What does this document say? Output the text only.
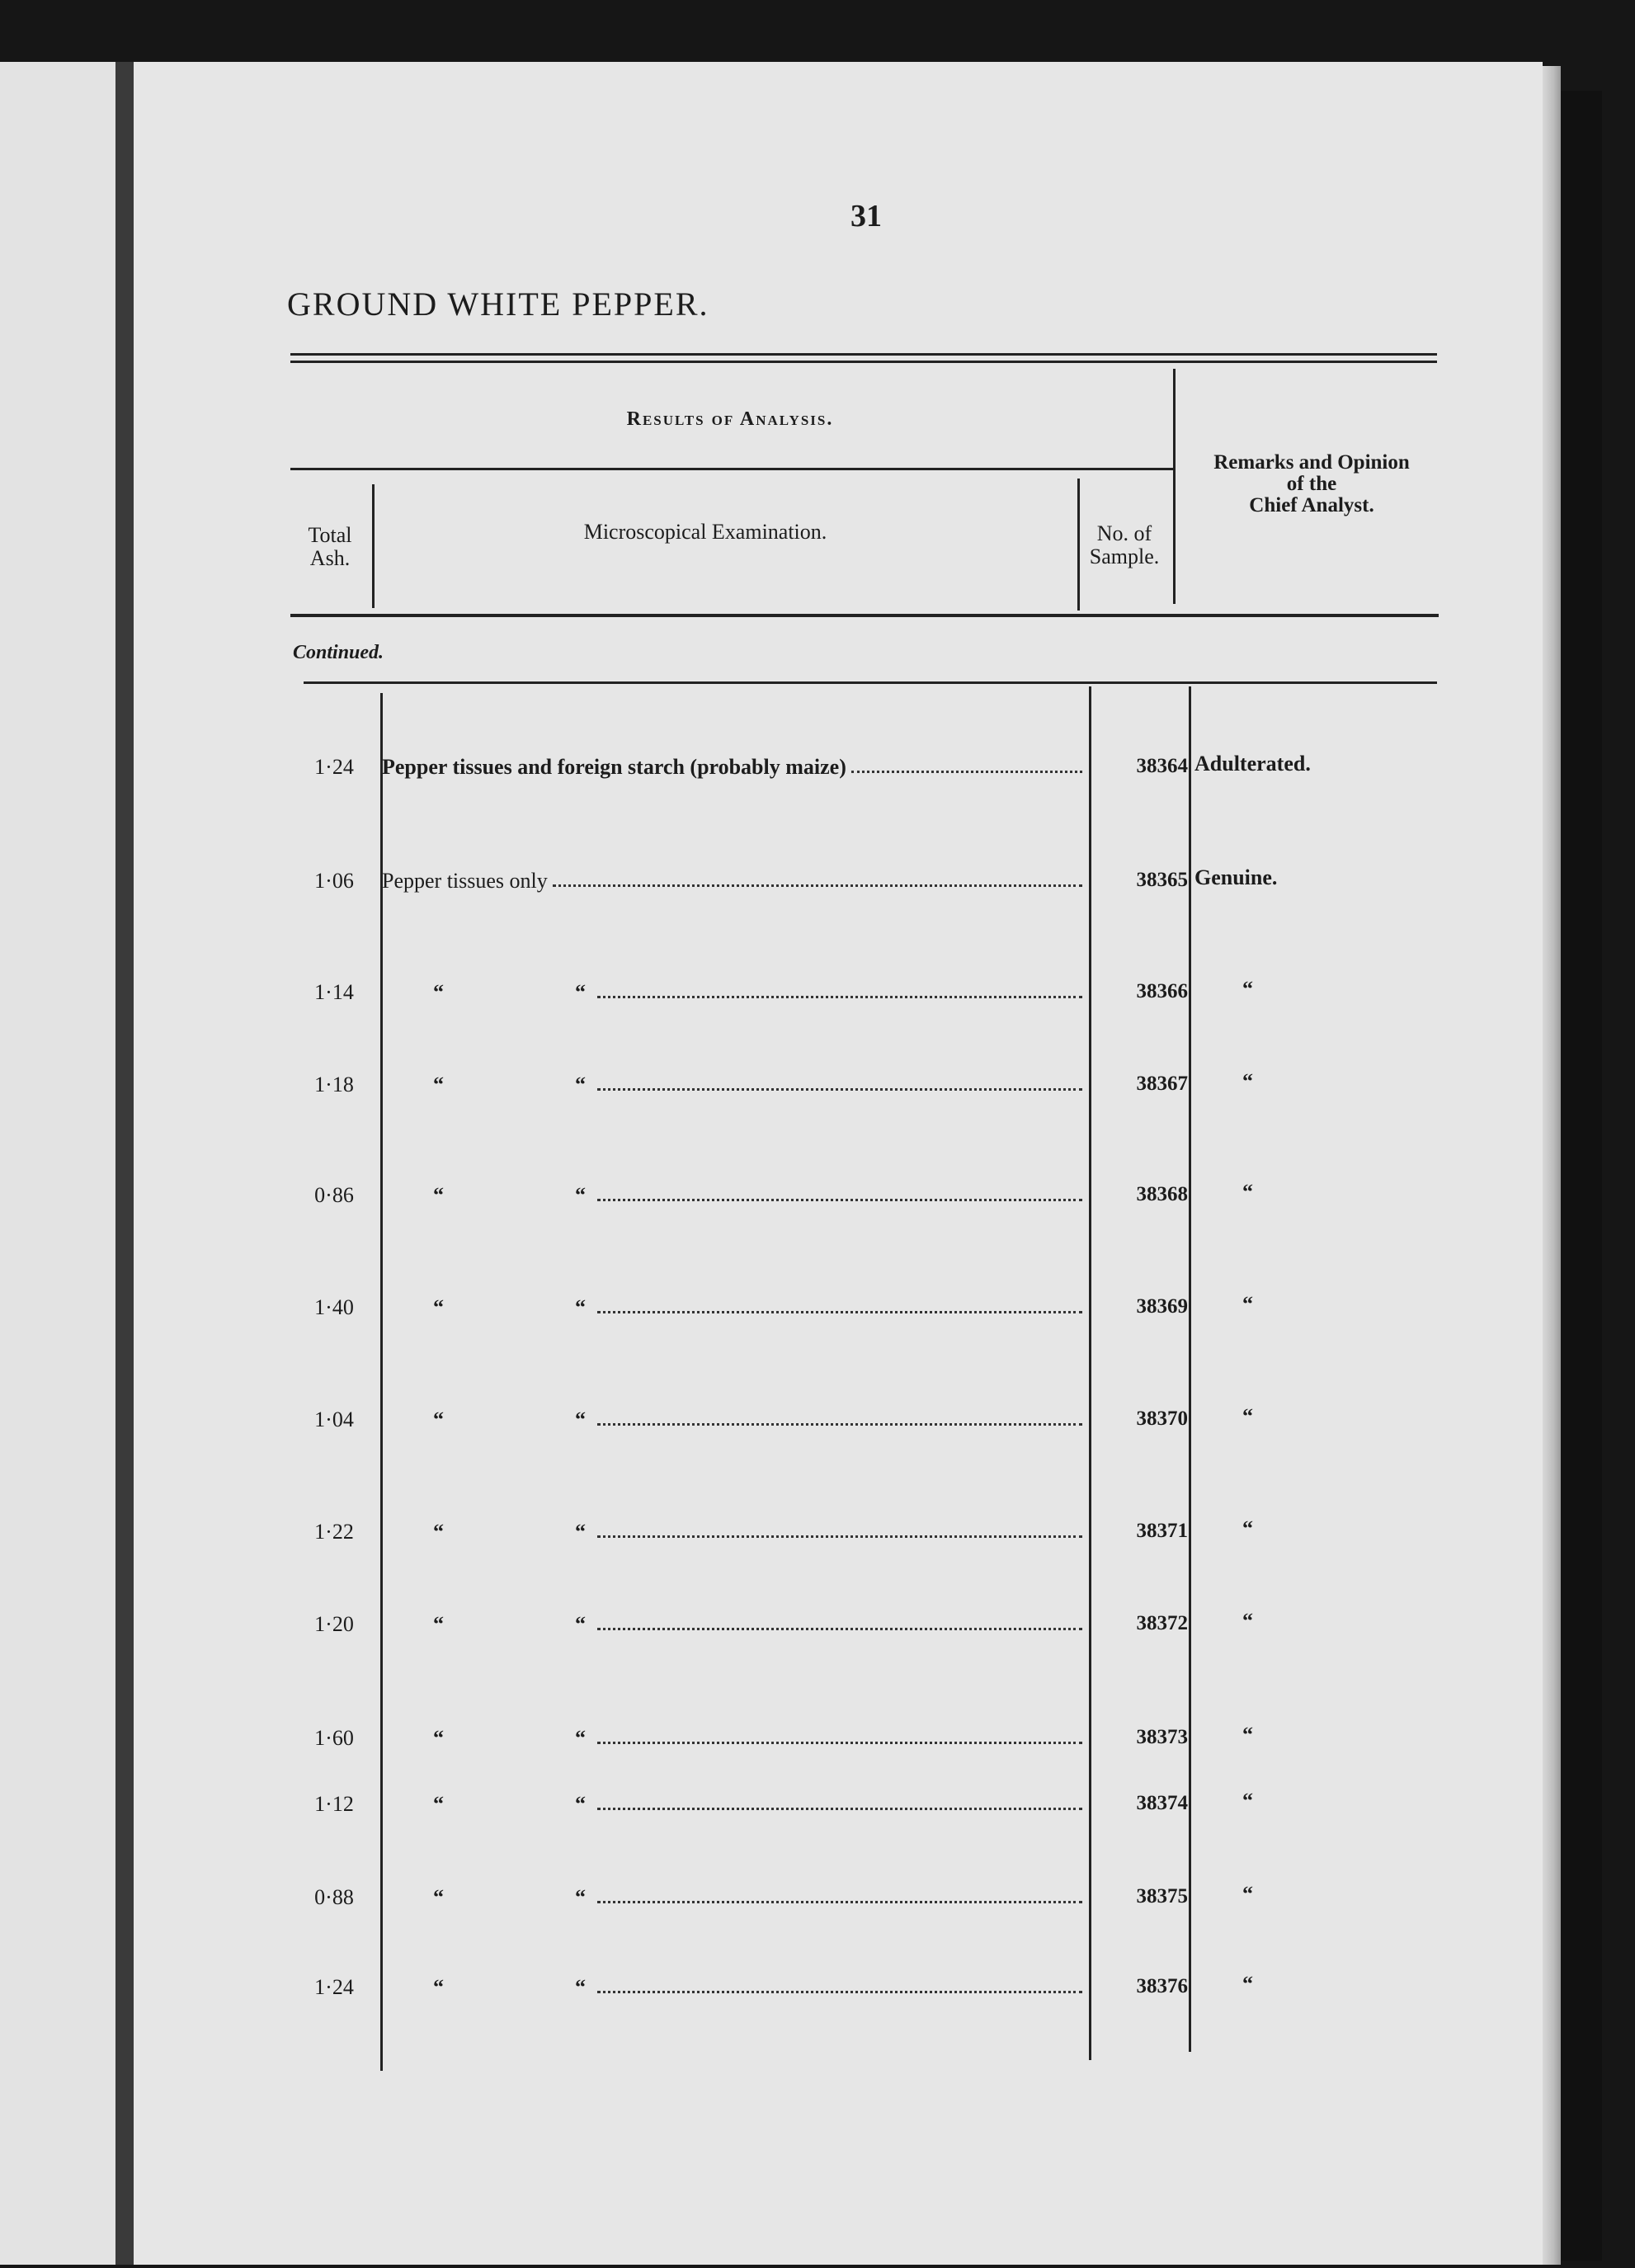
31
GROUND WHITE PEPPER.
Results of Analysis.
Remarks and Opinion
of the
Chief Analyst.
Total
Ash.
Microscopical Examination.	No. of
Sample.
Continued.
1·24	Pepper tissues and foreign starch (probably maize)	38364 Adulterated.
1·06	Pepper tissues only	38365 Genuine.
1·14	“	“	38366	“
1·18	“	“	38367	“
0·86	“	“	38368	“
1·40	“	“	38369	“
1·04	“	“	38370	“
1·22	“	“	38371	“
1·20	“	“	38372	“
1·60	“	“	38373	“
1·12	“	“	38374	“
0·88	“	“	38375	“
1·24	“	“	38376	“
